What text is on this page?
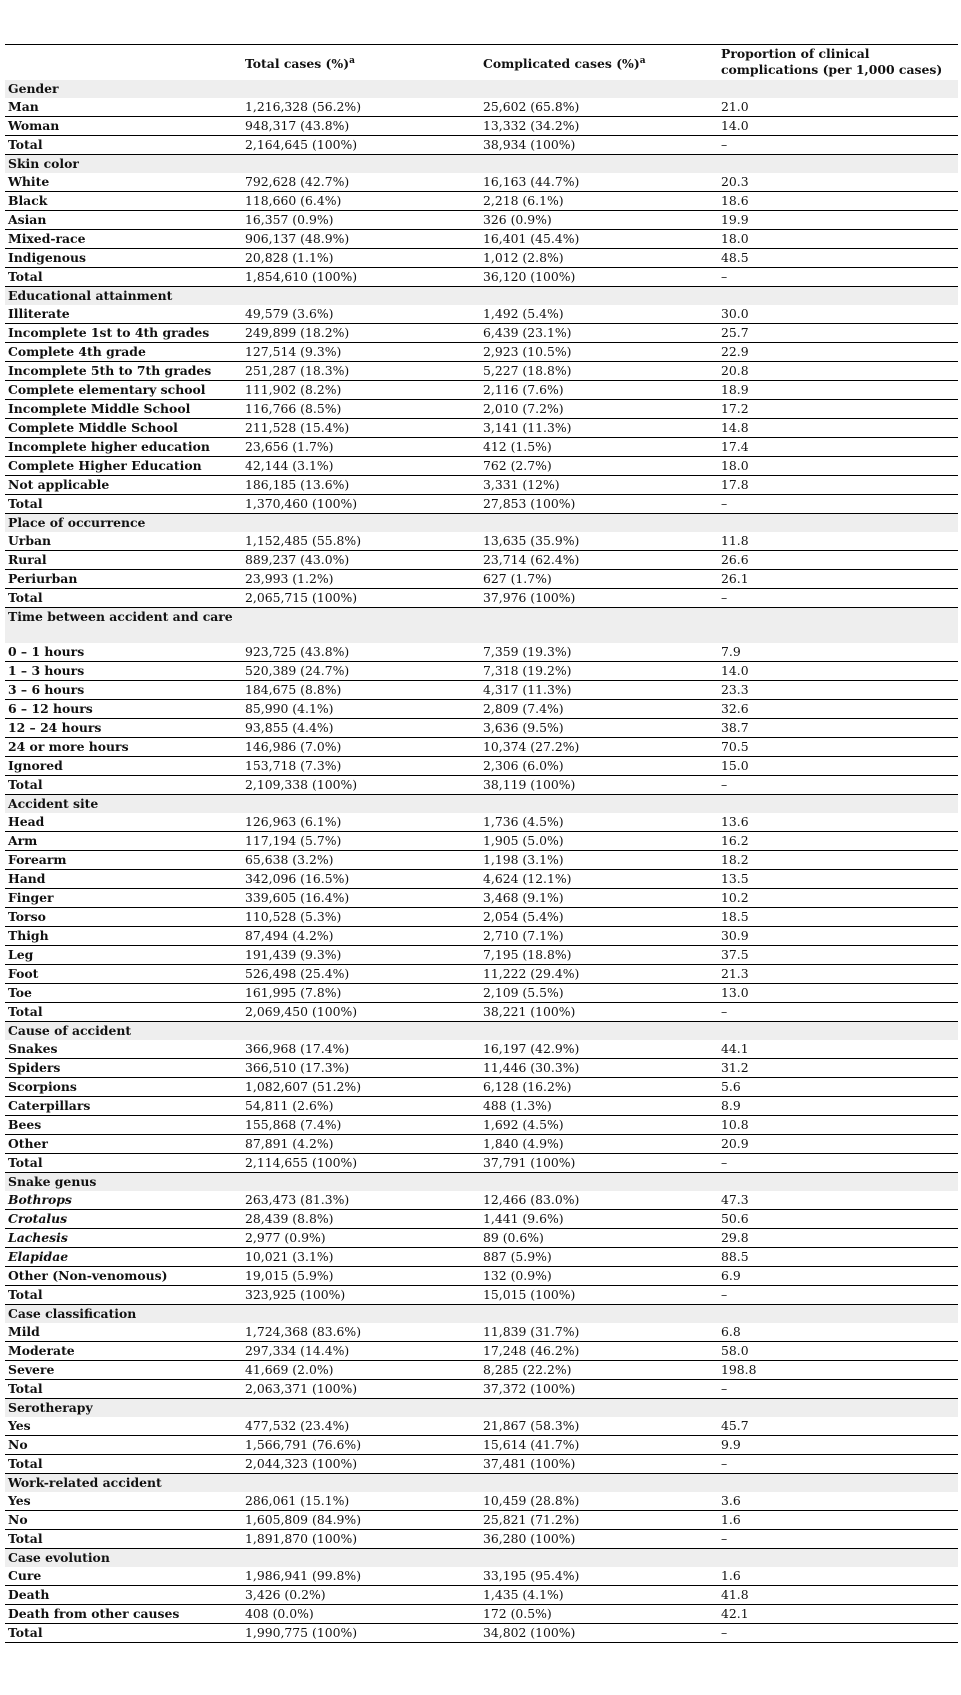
	Total cases (%)$^a$	Complicated cases (%)$^a$	Proportion of clinical complications (per 1,000 cases)
Gender			
Man	1,216,328 (56.2%)	25,602 (65.8%)	21.0
Woman	948,317 (43.8%)	13,332 (34.2%)	14.0
Total	2,164,645 (100%)	38,934 (100%)	–
Skin color			
White	792,628 (42.7%)	16,163 (44.7%)	20.3
Black	118,660 (6.4%)	2,218 (6.1%)	18.6
Asian	16,357 (0.9%)	326 (0.9%)	19.9
Mixed-race	906,137 (48.9%)	16,401 (45.4%)	18.0
Indigenous	20,828 (1.1%)	1,012 (2.8%)	48.5
Total	1,854,610 (100%)	36,120 (100%)	–
Educational attainment			
Illiterate	49,579 (3.6%)	1,492 (5.4%)	30.0
Incomplete 1st to 4th grades	249,899 (18.2%)	6,439 (23.1%)	25.7
Complete 4th grade	127,514 (9.3%)	2,923 (10.5%)	22.9
Incomplete 5th to 7th grades	251,287 (18.3%)	5,227 (18.8%)	20.8
Complete elementary school	111,902 (8.2%)	2,116 (7.6%)	18.9
Incomplete Middle School	116,766 (8.5%)	2,010 (7.2%)	17.2
Complete Middle School	211,528 (15.4%)	3,141 (11.3%)	14.8
Incomplete higher education	23,656 (1.7%)	412 (1.5%)	17.4
Complete Higher Education	42,144 (3.1%)	762 (2.7%)	18.0
Not applicable	186,185 (13.6%)	3,331 (12%)	17.8
Total	1,370,460 (100%)	27,853 (100%)	–
Place of occurrence			
Urban	1,152,485 (55.8%)	13,635 (35.9%)	11.8
Rural	889,237 (43.0%)	23,714 (62.4%)	26.6
Periurban	23,993 (1.2%)	627 (1.7%)	26.1
Total	2,065,715 (100%)	37,976 (100%)	–
Time between accident and care			
0 – 1 hours	923,725 (43.8%)	7,359 (19.3%)	7.9
1 – 3 hours	520,389 (24.7%)	7,318 (19.2%)	14.0
3 – 6 hours	184,675 (8.8%)	4,317 (11.3%)	23.3
6 – 12 hours	85,990 (4.1%)	2,809 (7.4%)	32.6
12 – 24 hours	93,855 (4.4%)	3,636 (9.5%)	38.7
24 or more hours	146,986 (7.0%)	10,374 (27.2%)	70.5
Ignored	153,718 (7.3%)	2,306 (6.0%)	15.0
Total	2,109,338 (100%)	38,119 (100%)	–
Accident site			
Head	126,963 (6.1%)	1,736 (4.5%)	13.6
Arm	117,194 (5.7%)	1,905 (5.0%)	16.2
Forearm	65,638 (3.2%)	1,198 (3.1%)	18.2
Hand	342,096 (16.5%)	4,624 (12.1%)	13.5
Finger	339,605 (16.4%)	3,468 (9.1%)	10.2
Torso	110,528 (5.3%)	2,054 (5.4%)	18.5
Thigh	87,494 (4.2%)	2,710 (7.1%)	30.9
Leg	191,439 (9.3%)	7,195 (18.8%)	37.5
Foot	526,498 (25.4%)	11,222 (29.4%)	21.3
Toe	161,995 (7.8%)	2,109 (5.5%)	13.0
Total	2,069,450 (100%)	38,221 (100%)	–
Cause of accident			
Snakes	366,968 (17.4%)	16,197 (42.9%)	44.1
Spiders	366,510 (17.3%)	11,446 (30.3%)	31.2
Scorpions	1,082,607 (51.2%)	6,128 (16.2%)	5.6
Caterpillars	54,811 (2.6%)	488 (1.3%)	8.9
Bees	155,868 (7.4%)	1,692 (4.5%)	10.8
Other	87,891 (4.2%)	1,840 (4.9%)	20.9
Total	2,114,655 (100%)	37,791 (100%)	–
Snake genus			
Bothrops	263,473 (81.3%)	12,466 (83.0%)	47.3
Crotalus	28,439 (8.8%)	1,441 (9.6%)	50.6
Lachesis	2,977 (0.9%)	89 (0.6%)	29.8
Elapidae	10,021 (3.1%)	887 (5.9%)	88.5
Other (Non-venomous)	19,015 (5.9%)	132 (0.9%)	6.9
Total	323,925 (100%)	15,015 (100%)	–
Case classification			
Mild	1,724,368 (83.6%)	11,839 (31.7%)	6.8
Moderate	297,334 (14.4%)	17,248 (46.2%)	58.0
Severe	41,669 (2.0%)	8,285 (22.2%)	198.8
Total	2,063,371 (100%)	37,372 (100%)	–
Serotherapy			
Yes	477,532 (23.4%)	21,867 (58.3%)	45.7
No	1,566,791 (76.6%)	15,614 (41.7%)	9.9
Total	2,044,323 (100%)	37,481 (100%)	–
Work-related accident			
Yes	286,061 (15.1%)	10,459 (28.8%)	3.6
No	1,605,809 (84.9%)	25,821 (71.2%)	1.6
Total	1,891,870 (100%)	36,280 (100%)	–
Case evolution			
Cure	1,986,941 (99.8%)	33,195 (95.4%)	1.6
Death	3,426 (0.2%)	1,435 (4.1%)	41.8
Death from other causes	408 (0.0%)	172 (0.5%)	42.1
Total	1,990,775 (100%)	34,802 (100%)	–
